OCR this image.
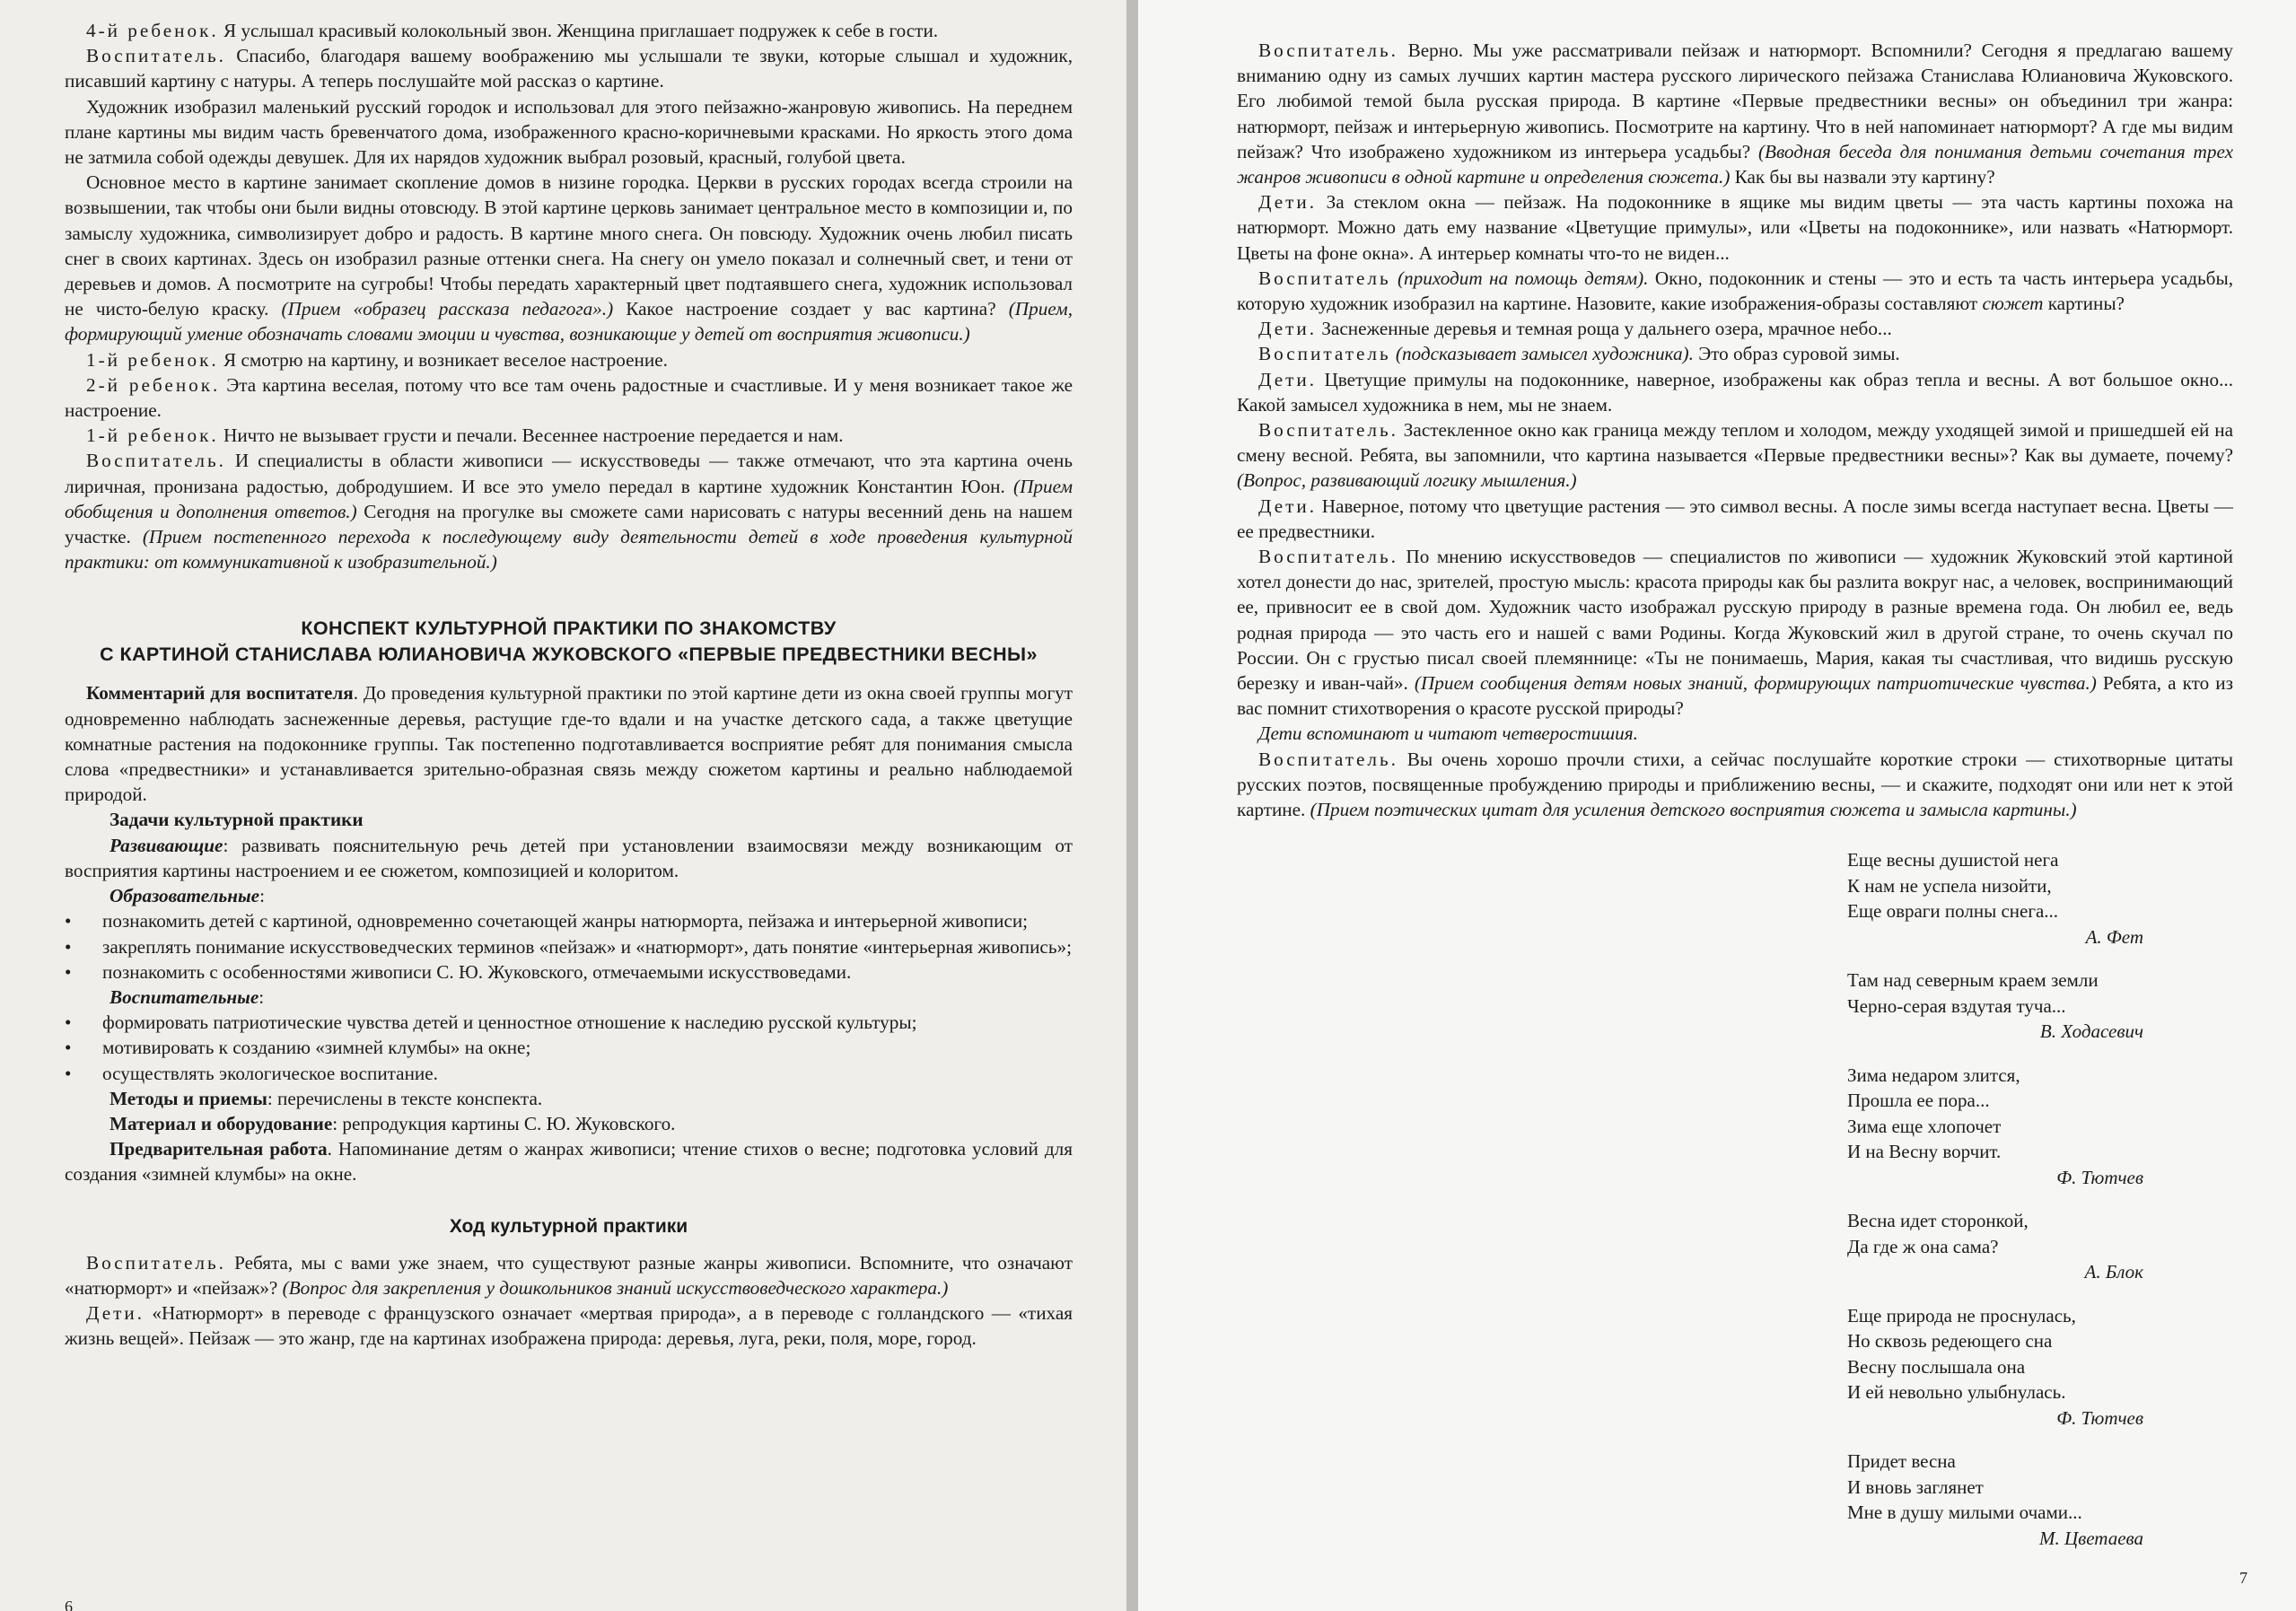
4-й ребенок. Я услышал красивый колокольный звон. Женщина приглашает подружек к себе в гости.

Воспитатель. Спасибо, благодаря вашему воображению мы услышали те звуки, которые слышал и художник, писавший картину с натуры. А теперь послушайте мой рассказ о картине.

Художник изобразил маленький русский городок и использовал для этого пейзажно-жанровую живопись. На переднем плане картины мы видим часть бревенчатого дома, изображенного красно-коричневыми красками. Но яркость этого дома не затмила собой одежды девушек. Для их нарядов художник выбрал розовый, красный, голубой цвета.

Основное место в картине занимает скопление домов в низине городка. Церкви в русских городах всегда строили на возвышении, так чтобы они были видны отовсюду. В этой картине церковь занимает центральное место в композиции и, по замыслу художника, символизирует добро и радость. В картине много снега. Он повсюду. Художник очень любил писать снег в своих картинах. Здесь он изобразил разные оттенки снега. На снегу он умело показал и солнечный свет, и тени от деревьев и домов. А посмотрите на сугробы! Чтобы передать характерный цвет подтаявшего снега, художник использовал не чисто-белую краску. (Прием «образец рассказа педагога».) Какое настроение создает у вас картина? (Прием, формирующий умение обозначать словами эмоции и чувства, возникающие у детей от восприятия живописи.)

1-й ребенок. Я смотрю на картину, и возникает веселое настроение.

2-й ребенок. Эта картина веселая, потому что все там очень радостные и счастливые. И у меня возникает такое же настроение.

1-й ребенок. Ничто не вызывает грусти и печали. Весеннее настроение передается и нам.

Воспитатель. И специалисты в области живописи — искусствоведы — также отмечают, что эта картина очень лиричная, пронизана радостью, добродушием. И все это умело передал в картине художник Константин Юон. (Прием обобщения и дополнения ответов.) Сегодня на прогулке вы сможете сами нарисовать с натуры весенний день на нашем участке. (Прием постепенного перехода к последующему виду деятельности детей в ходе проведения культурной практики: от коммуникативной к изобразительной.)

КОНСПЕКТ КУЛЬТУРНОЙ ПРАКТИКИ ПО ЗНАКОМСТВУ
С КАРТИНОЙ СТАНИСЛАВА ЮЛИАНОВИЧА ЖУКОВСКОГО «ПЕРВЫЕ ПРЕДВЕСТНИКИ ВЕСНЫ»

Комментарий для воспитателя. До проведения культурной практики по этой картине дети из окна своей группы могут одновременно наблюдать заснеженные деревья, растущие где-то вдали и на участке детского сада, а также цветущие комнатные растения на подоконнике группы. Так постепенно подготавливается восприятие ребят для понимания смысла слова «предвестники» и устанавливается зрительно-образная связь между сюжетом картины и реально наблюдаемой природой.

Задачи культурной практики

Развивающие: развивать пояснительную речь детей при установлении взаимосвязи между возникающим от восприятия картины настроением и ее сюжетом, композицией и колоритом.

Образовательные:

•	познакомить детей с картиной, одновременно сочетающей жанры натюрморта, пейзажа и интерьерной живописи;

•	закреплять понимание искусствоведческих терминов «пейзаж» и «натюрморт», дать понятие «интерьерная живопись»;

•	познакомить с особенностями живописи С. Ю. Жуковского, отмечаемыми искусствоведами.

Воспитательные:

•	формировать патриотические чувства детей и ценностное отношение к наследию русской культуры;

•	мотивировать к созданию «зимней клумбы» на окне;

•	осуществлять экологическое воспитание.

Методы и приемы: перечислены в тексте конспекта.

Материал и оборудование: репродукция картины С. Ю. Жуковского.

Предварительная работа. Напоминание детям о жанрах живописи; чтение стихов о весне; подготовка условий для создания «зимней клумбы» на окне.

Ход культурной практики

Воспитатель. Ребята, мы с вами уже знаем, что существуют разные жанры живописи. Вспомните, что означают «натюрморт» и «пейзаж»? (Вопрос для закрепления у дошкольников знаний искусствоведческого характера.)

Дети. «Натюрморт» в переводе с французского означает «мертвая природа», а в переводе с голландского — «тихая жизнь вещей». Пейзаж — это жанр, где на картинах изображена природа: деревья, луга, реки, поля, море, город.

6

Воспитатель. Верно. Мы уже рассматривали пейзаж и натюрморт. Вспомнили? Сегодня я предлагаю вашему вниманию одну из самых лучших картин мастера русского лирического пейзажа Станислава Юлиановича Жуковского. Его любимой темой была русская природа. В картине «Первые предвестники весны» он объединил три жанра: натюрморт, пейзаж и интерьерную живопись. Посмотрите на картину. Что в ней напоминает натюрморт? А где мы видим пейзаж? Что изображено художником из интерьера усадьбы? (Вводная беседа для понимания детьми сочетания трех жанров живописи в одной картине и определения сюжета.) Как бы вы назвали эту картину?

Дети. За стеклом окна — пейзаж. На подоконнике в ящике мы видим цветы — эта часть картины похожа на натюрморт. Можно дать ему название «Цветущие примулы», или «Цветы на подоконнике», или назвать «Натюрморт. Цветы на фоне окна». А интерьер комнаты что-то не виден...

Воспитатель (приходит на помощь детям). Окно, подоконник и стены — это и есть та часть интерьера усадьбы, которую художник изобразил на картине. Назовите, какие изображения-образы составляют сюжет картины?

Дети. Заснеженные деревья и темная роща у дальнего озера, мрачное небо...

Воспитатель (подсказывает замысел художника). Это образ суровой зимы.

Дети. Цветущие примулы на подоконнике, наверное, изображены как образ тепла и весны. А вот большое окно... Какой замысел художника в нем, мы не знаем.

Воспитатель. Застекленное окно как граница между теплом и холодом, между уходящей зимой и пришедшей ей на смену весной. Ребята, вы запомнили, что картина называется «Первые предвестники весны»? Как вы думаете, почему? (Вопрос, развивающий логику мышления.)

Дети. Наверное, потому что цветущие растения — это символ весны. А после зимы всегда наступает весна. Цветы — ее предвестники.

Воспитатель. По мнению искусствоведов — специалистов по живописи — художник Жуковский этой картиной хотел донести до нас, зрителей, простую мысль: красота природы как бы разлита вокруг нас, а человек, воспринимающий ее, привносит ее в свой дом. Художник часто изображал русскую природу в разные времена года. Он любил ее, ведь родная природа — это часть его и нашей с вами Родины. Когда Жуковский жил в другой стране, то очень скучал по России. Он с грустью писал своей племяннице: «Ты не понимаешь, Мария, какая ты счастливая, что видишь русскую березку и иван-чай». (Прием сообщения детям новых знаний, формирующих патриотические чувства.) Ребята, а кто из вас помнит стихотворения о красоте русской природы?

Дети вспоминают и читают четверостишия.

Воспитатель. Вы очень хорошо прочли стихи, а сейчас послушайте короткие строки — стихотворные цитаты русских поэтов, посвященные пробуждению природы и приближению весны, — и скажите, подходят они или нет к этой картине. (Прием поэтических цитат для усиления детского восприятия сюжета и замысла картины.)

Еще весны душистой нега
К нам не успела низойти,
Еще овраги полны снега...
А. Фет
Там над северным краем земли
Черно-серая вздутая туча...
В. Ходасевич
Зима недаром злится,
Прошла ее пора...
Зима еще хлопочет
И на Весну ворчит.
Ф. Тютчев
Весна идет сторонкой,
Да где ж она сама?
А. Блок
Еще природа не проснулась,
Но сквозь редеющего сна
Весну послышала она
И ей невольно улыбнулась.
Ф. Тютчев
Придет весна
И вновь заглянет
Мне в душу милыми очами...
М. Цветаева
7
